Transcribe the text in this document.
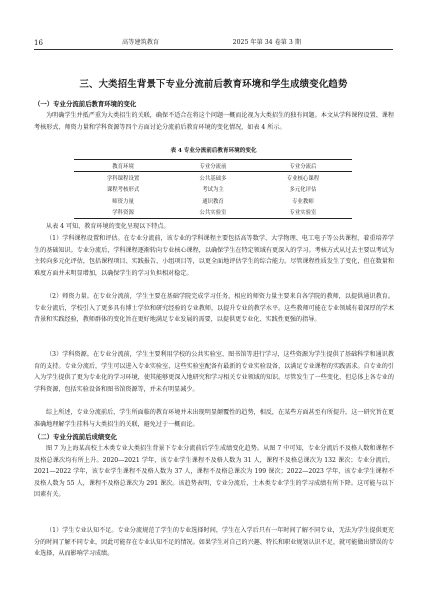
16	高等建筑教育	2025 年第 34 卷第 3 期
三、大类招生背景下专业分流前后教育环境和学生成绩变化趋势
（一）专业分流前后教育环境的变化
为明确学生并抵严重为大类招生的关联，确保不适合在将这个问题一概而论视为大类招生的独有问题。本文从学科课程设置、课程考核形式、师资力量和学科资源等四个方面讨论分流前后教育环境的变化情况，如表 4 所示。
表 4 专业分流前后教育环境的变化
教育环境	专业分流前	专业分流后
学科课程设置	公共基础多	专业核心课程
课程考核形式	考试为主	多元化评估
师资力量	通识教育	专业教师
学科资源	公共实验室	专业实验室
从表 4 可知，教育环境的变化呈现以下特点。
（1）学科课程设置和评估。在专业分流前，该专业的学科课程主要包括高等数学、大学物理、电工电子等公共课程，着重培养学生的基础知识。专业分流后，学科课程逐渐转向专业核心课程，以确保学生在特定领域有更深入的学习。考核方式从过去主要以考试为主转向多元化评估，包括课程项目、实践报告、小组项目等，以更全面地评估学生的综合能力。尽管课程性质发生了变化，但在数量和难度方面并未明显增加，以确保学生的学习负担相对稳定。
（2）师资力量。在专业分流前，学生主要在基础学院完成学习任务，相应的师资力量主要来自各学院的教师，以提供通识教育。专业分流后，学校引入了更多具有博士学位和研究经验的专业教师，以提升专业的教学水平。这些教师可能在专业领域有着深厚的学术背景和实践经验，教师群体的变化旨在更好地满足专业发展的需要，以提供更专业化、实践性更强的指导。
（3）学科资源。在专业分流前，学生主要利用学校的公共实验室、图书馆等进行学习，这些资源为学生提供了基础科学和通识教育的支持。专业分流后，学生可以进入专业实验室，这些实验室配备有最新的专业实验设备，以满足专业课程的实践需求。自专业的引入为学生提供了更为专业化的学习环境，使其能够更深入地研究和学习相关专业领域的知识。尽管发生了一些变化，但总体上各专业的学科资源，包括实验设备和图书馆资源等，并未有明显减少。
综上所述，专业分流前后，学生所面临的教育环境并未出现明显颠覆性的趋势，相反，在某些方面甚至有所提升。这一研究旨在更准确地理解学生挂科与大类招生的关联，避免过于一概而论。
（二）专业分流前后成绩变化
图 7 为上海某高校土木类专业大类招生背景下专业分流前后学生成绩变化趋势。从图 7 中可知，专业分流后不及格人数和课程不及格总课次均有所上升。2020—2021 学年，该专业学生课程不及格人数为 31 人，课程不及格总课次为 132 课次；专业分流后，2021—2022 学年，该专业学生课程不及格人数为 37 人，课程不及格总课次为 199 课次；2022—2023 学年，该专业学生课程不及格人数为 55 人，课程不及格总课次为 291 课次。该趋势表明，专业分流后，土木类专业学生的学习成绩有所下降。这可能与以下因素有关。
（1）学生专业认知不足。专业分流规范了学生的专业选择时间，学生在入学后只有一年时间了解不同专业，无法为学生提供更充分的时间了解不同专业，因此可能存在专业认知不足的情况。如果学生对自己的兴趣、特长和职业规划认识不足，就可能做出错误的专业选择，从而影响学习成绩。
